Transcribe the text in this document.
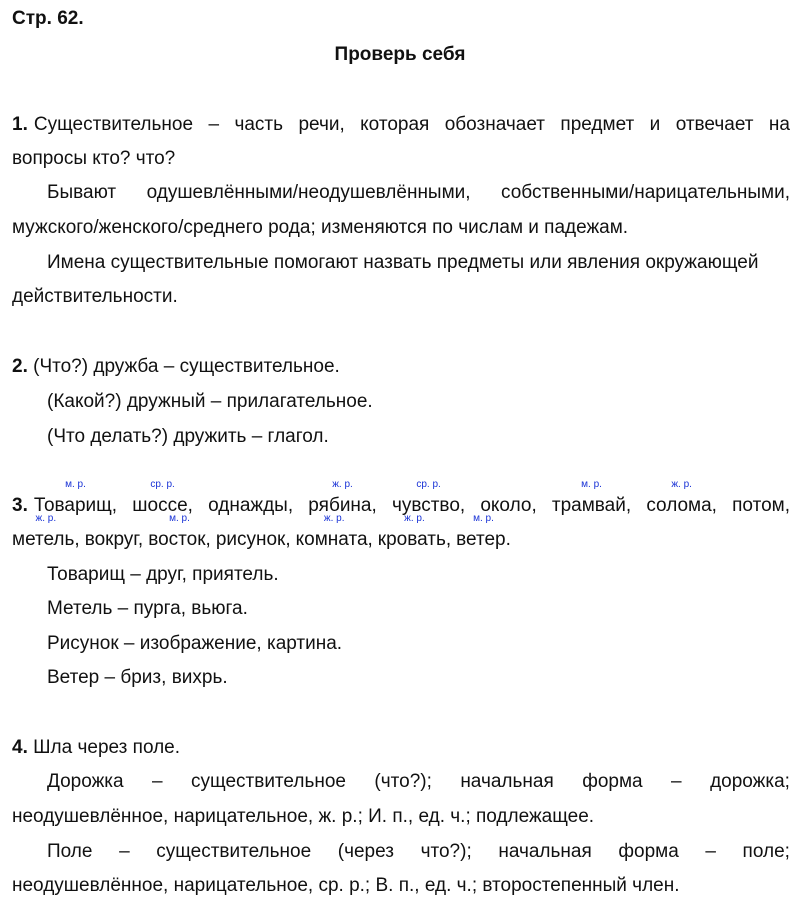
Стр. 62.
Проверь себя
1. Существительное – часть речи, которая обозначает предмет и отвечает на
вопросы кто? что?
Бывают одушевлёнными/неодушевлёнными, собственными/нарицательными,
мужского/женского/среднего рода; изменяются по числам и падежам.
Имена существительные помогают назвать предметы или явления окружающей
действительности.
2. (Что?) дружба – существительное.
(Какой?) дружный – прилагательное.
(Что делать?) дружить – глагол.
3. Товарищ,
м. р.
шоссе,
ср. р.
однажды, рябина,
ж. р.
чувство,
ср. р.
около, трамвай,
м. р.
солома,
ж. р.
потом,
метель,
ж. р.
вокруг, восток,
м. р.
рисунок, комната,
ж. р.
кровать,
ж. р.
ветер.
м. р.
Товарищ – друг, приятель.
Метель – пурга, вьюга.
Рисунок – изображение, картина.
Ветер – бриз, вихрь.
4. Шла через поле.
Дорожка – существительное (что?); начальная форма – дорожка;
неодушевлённое, нарицательное, ж. р.; И. п., ед. ч.; подлежащее.
Поле – существительное (через что?); начальная форма – поле;
неодушевлённое, нарицательное, ср. р.; В. п., ед. ч.; второстепенный член.
